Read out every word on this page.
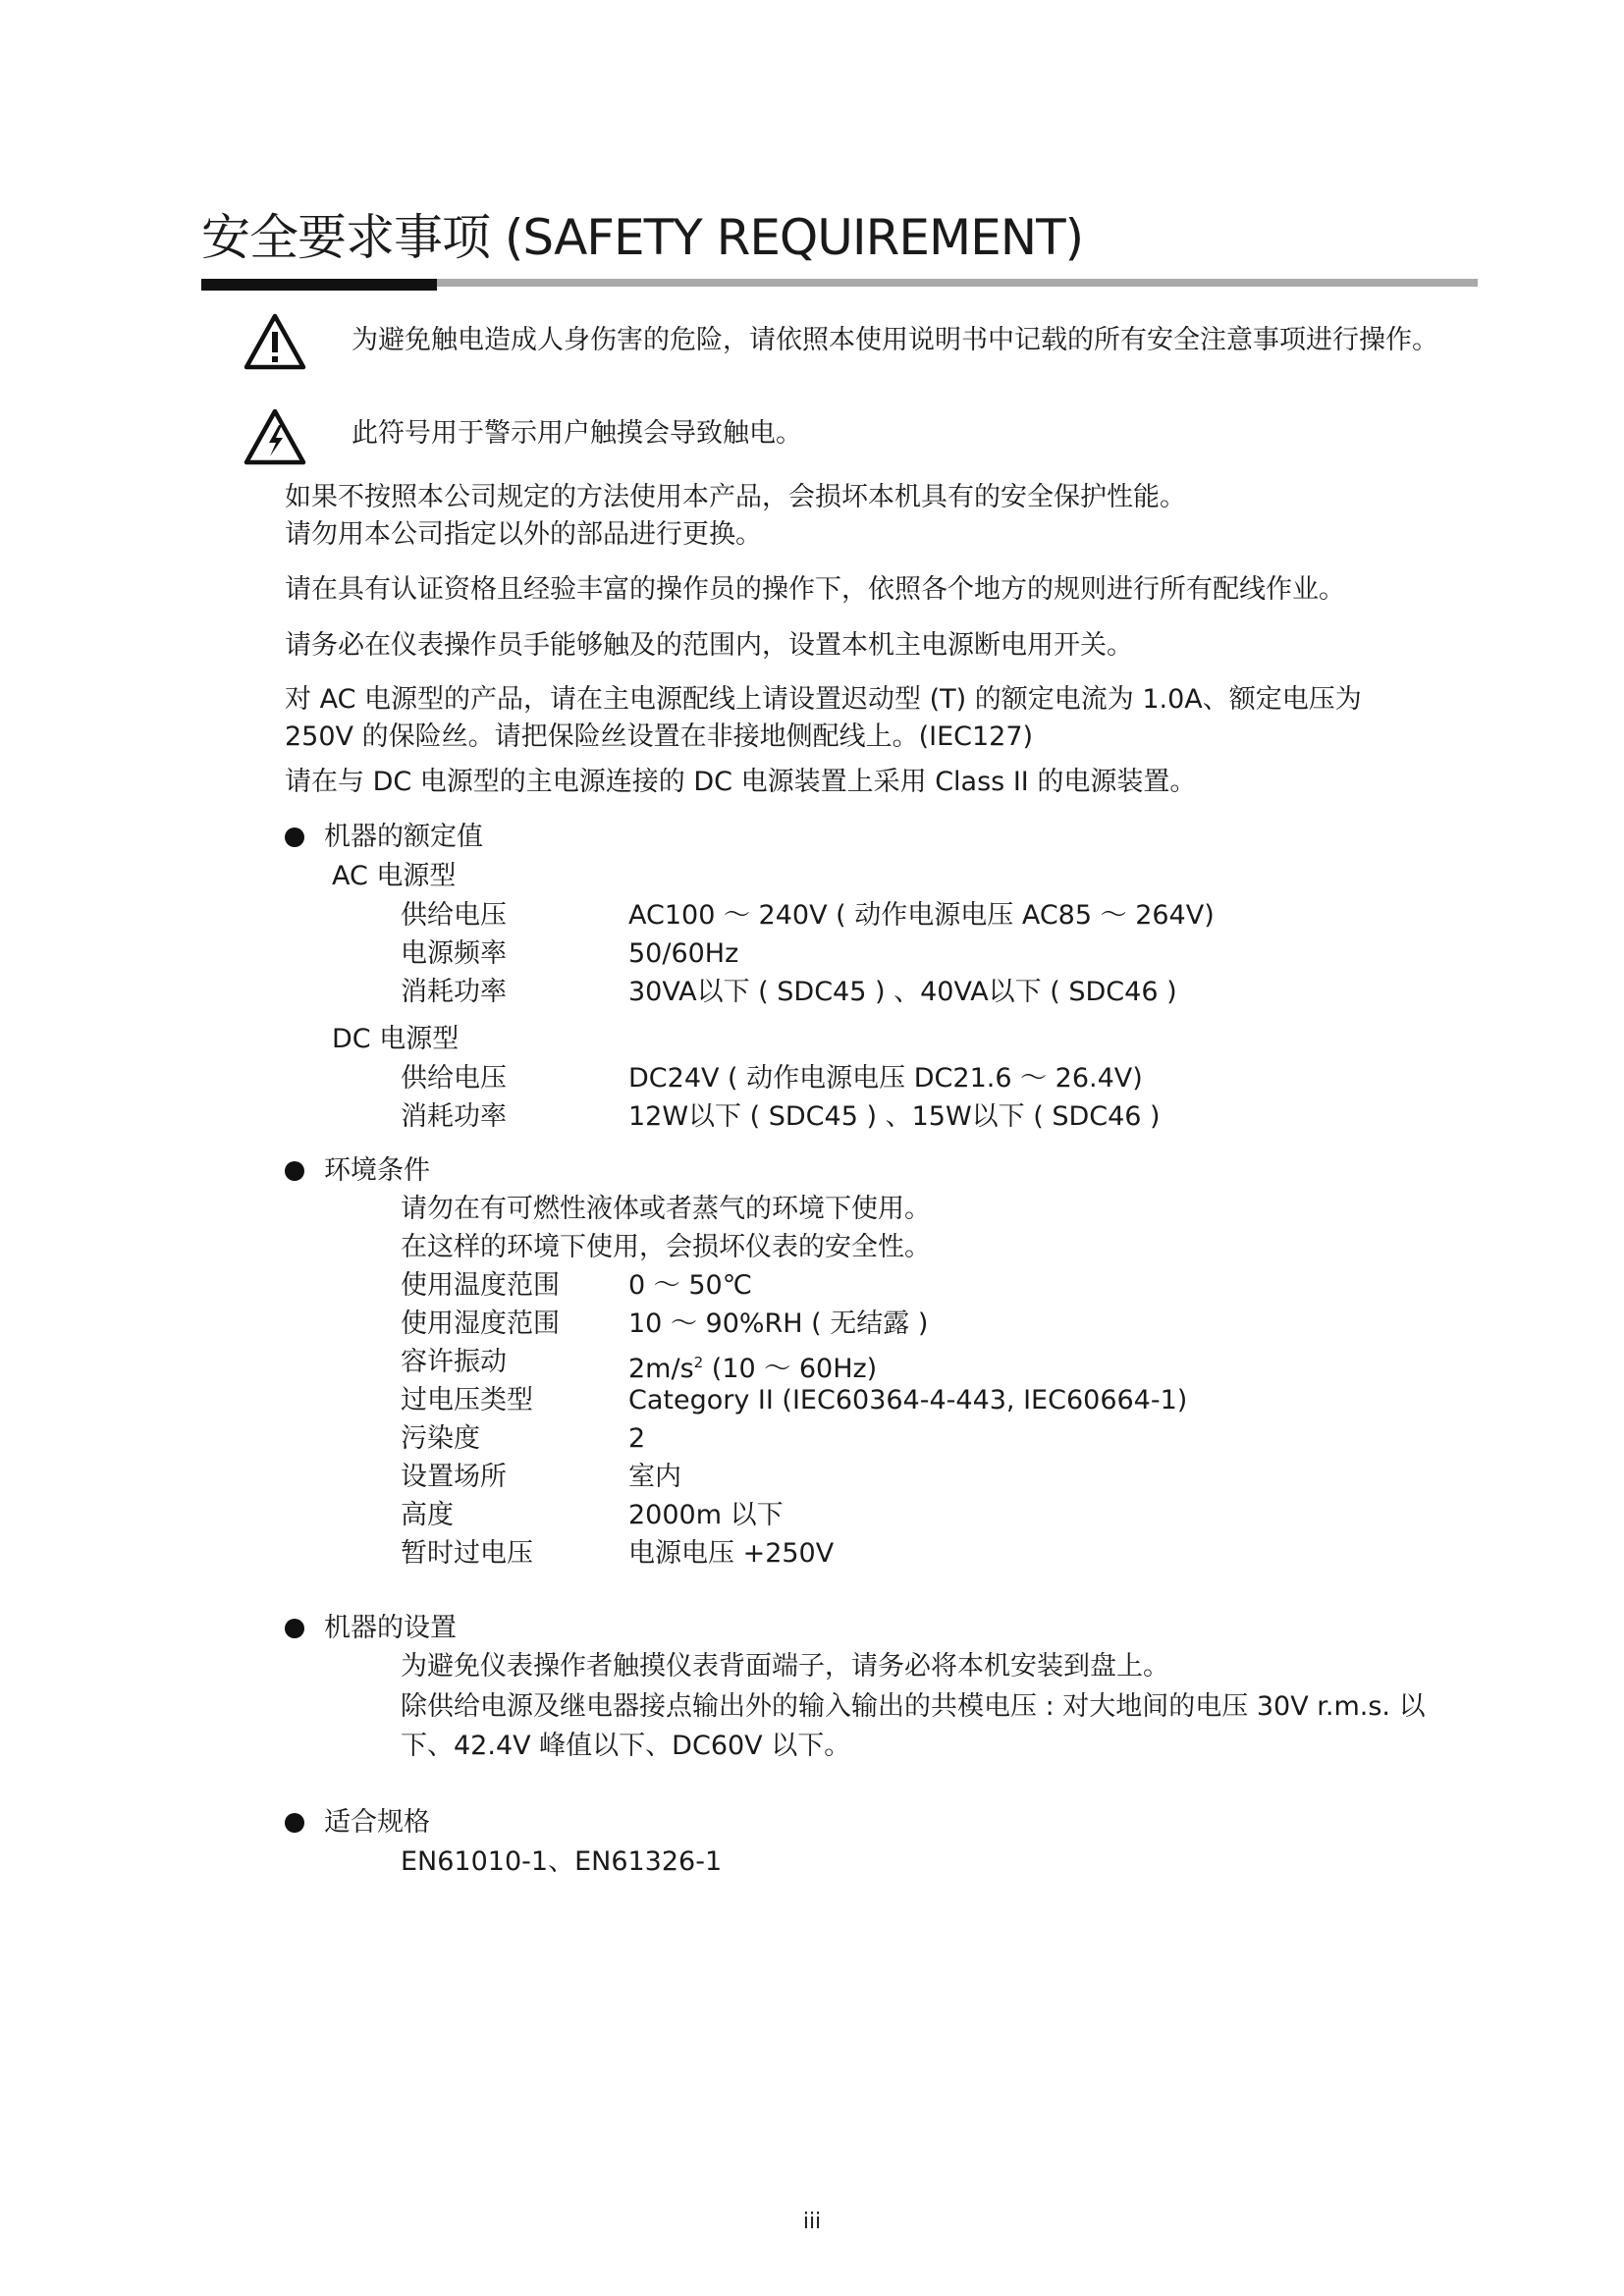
安全要求事项 (SAFETY REQUIREMENT)
为避免触电造成人身伤害的危险，请依照本使用说明书中记载的所有安全注意事项进行操作。
此符号用于警示用户触摸会导致触电。
如果不按照本公司规定的方法使用本产品，会损坏本机具有的安全保护性能。
请勿用本公司指定以外的部品进行更换。
请在具有认证资格且经验丰富的操作员的操作下，依照各个地方的规则进行所有配线作业。
请务必在仪表操作员手能够触及的范围内，设置本机主电源断电用开关。
对 AC 电源型的产品，请在主电源配线上请设置迟动型 (T) 的额定电流为 1.0A、额定电压为
250V 的保险丝。请把保险丝设置在非接地侧配线上。(IEC127)
请在与 DC 电源型的主电源连接的 DC 电源装置上采用 Class II 的电源装置。
机器的额定值
AC 电源型
供给电压	AC100 ～ 240V ( 动作电源电压 AC85 ～ 264V)
电源频率	50/60Hz
消耗功率	30VA以下 ( SDC45 ) 、40VA以下 ( SDC46 )
DC 电源型
供给电压	DC24V ( 动作电源电压 DC21.6 ～ 26.4V)
消耗功率	12W以下 ( SDC45 ) 、15W以下 ( SDC46 )
环境条件
请勿在有可燃性液体或者蒸气的环境下使用。
在这样的环境下使用，会损坏仪表的安全性。
使用温度范围	0 ～ 50℃
使用湿度范围	10 ～ 90%RH ( 无结露 )
容许振动	$2m/s^2$ (10 ～ 60Hz)
过电压类型	Category II (IEC60364-4-443, IEC60664-1)
污染度	2
设置场所	室内
高度	2000m 以下
暂时过电压	电源电压 +250V
机器的设置
为避免仪表操作者触摸仪表背面端子，请务必将本机安装到盘上。
除供给电源及继电器接点输出外的输入输出的共模电压 : 对大地间的电压 30V r.m.s. 以
下、42.4V 峰值以下、DC60V 以下。
适合规格
EN61010-1、EN61326-1
iii
